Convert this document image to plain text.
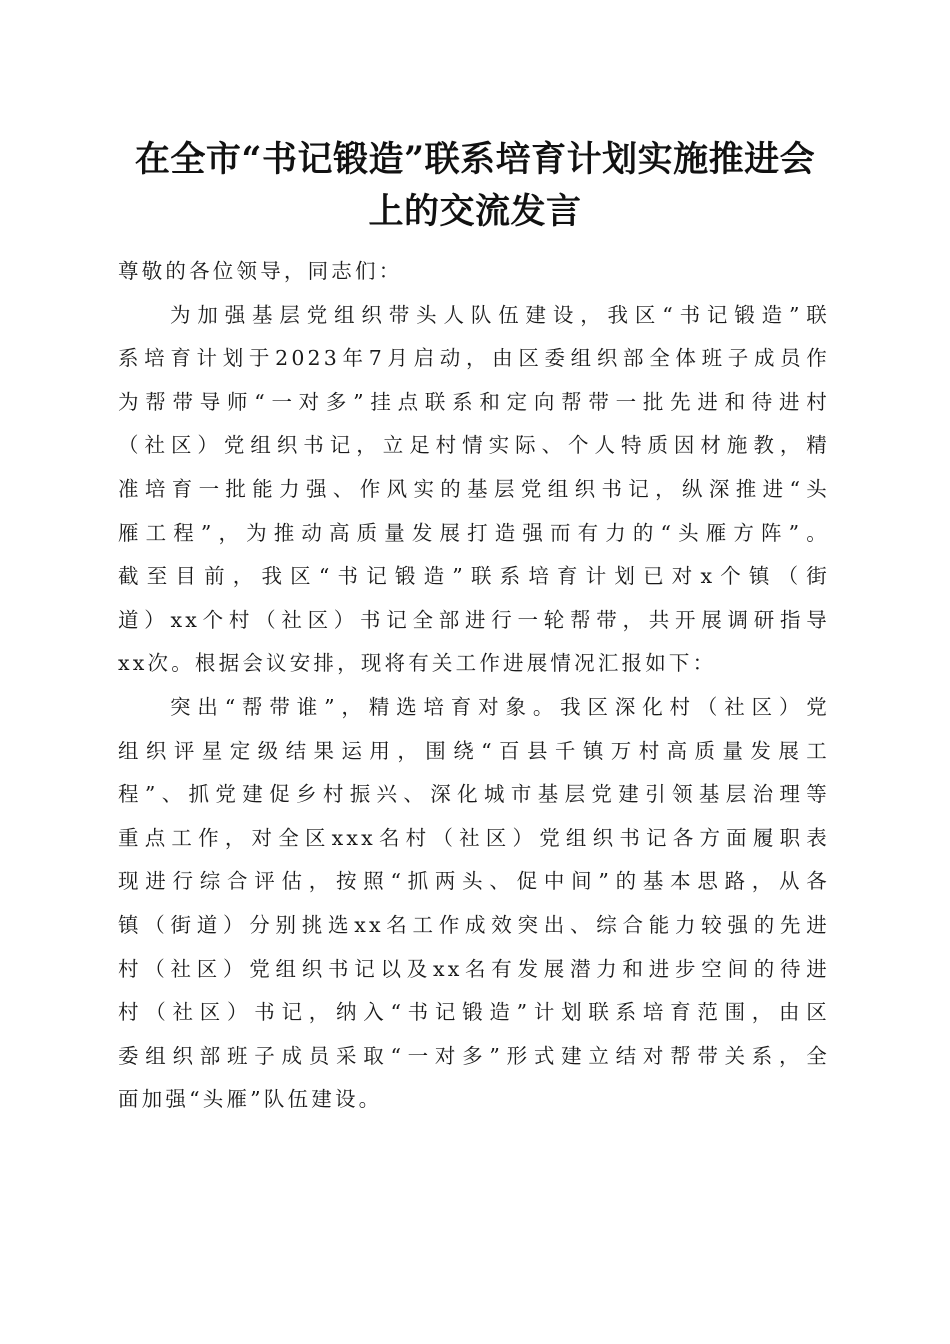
在全市“书记锻造”联系培育计划实施推进会
上的交流发言
尊敬的各位领导，同志们：
为加强基层党组织带头人队伍建设，我区“书记锻造”联
系培育计划于2023年7月启动，由区委组织部全体班子成员作
为帮带导师“一对多”挂点联系和定向帮带一批先进和待进村
（社区）党组织书记，立足村情实际、个人特质因材施教，精
准培育一批能力强、作风实的基层党组织书记，纵深推进“头
雁工程”，为推动高质量发展打造强而有力的“头雁方阵”。
截至目前，我区“书记锻造”联系培育计划已对x个镇（街
道）xx个村（社区）书记全部进行一轮帮带，共开展调研指导
xx次。根据会议安排，现将有关工作进展情况汇报如下：
突出“帮带谁”，精选培育对象。我区深化村（社区）党
组织评星定级结果运用，围绕“百县千镇万村高质量发展工
程”、抓党建促乡村振兴、深化城市基层党建引领基层治理等
重点工作，对全区xxx名村（社区）党组织书记各方面履职表
现进行综合评估，按照“抓两头、促中间”的基本思路，从各
镇（街道）分别挑选xx名工作成效突出、综合能力较强的先进
村（社区）党组织书记以及xx名有发展潜力和进步空间的待进
村（社区）书记，纳入“书记锻造”计划联系培育范围，由区
委组织部班子成员采取“一对多”形式建立结对帮带关系，全
面加强“头雁”队伍建设。
